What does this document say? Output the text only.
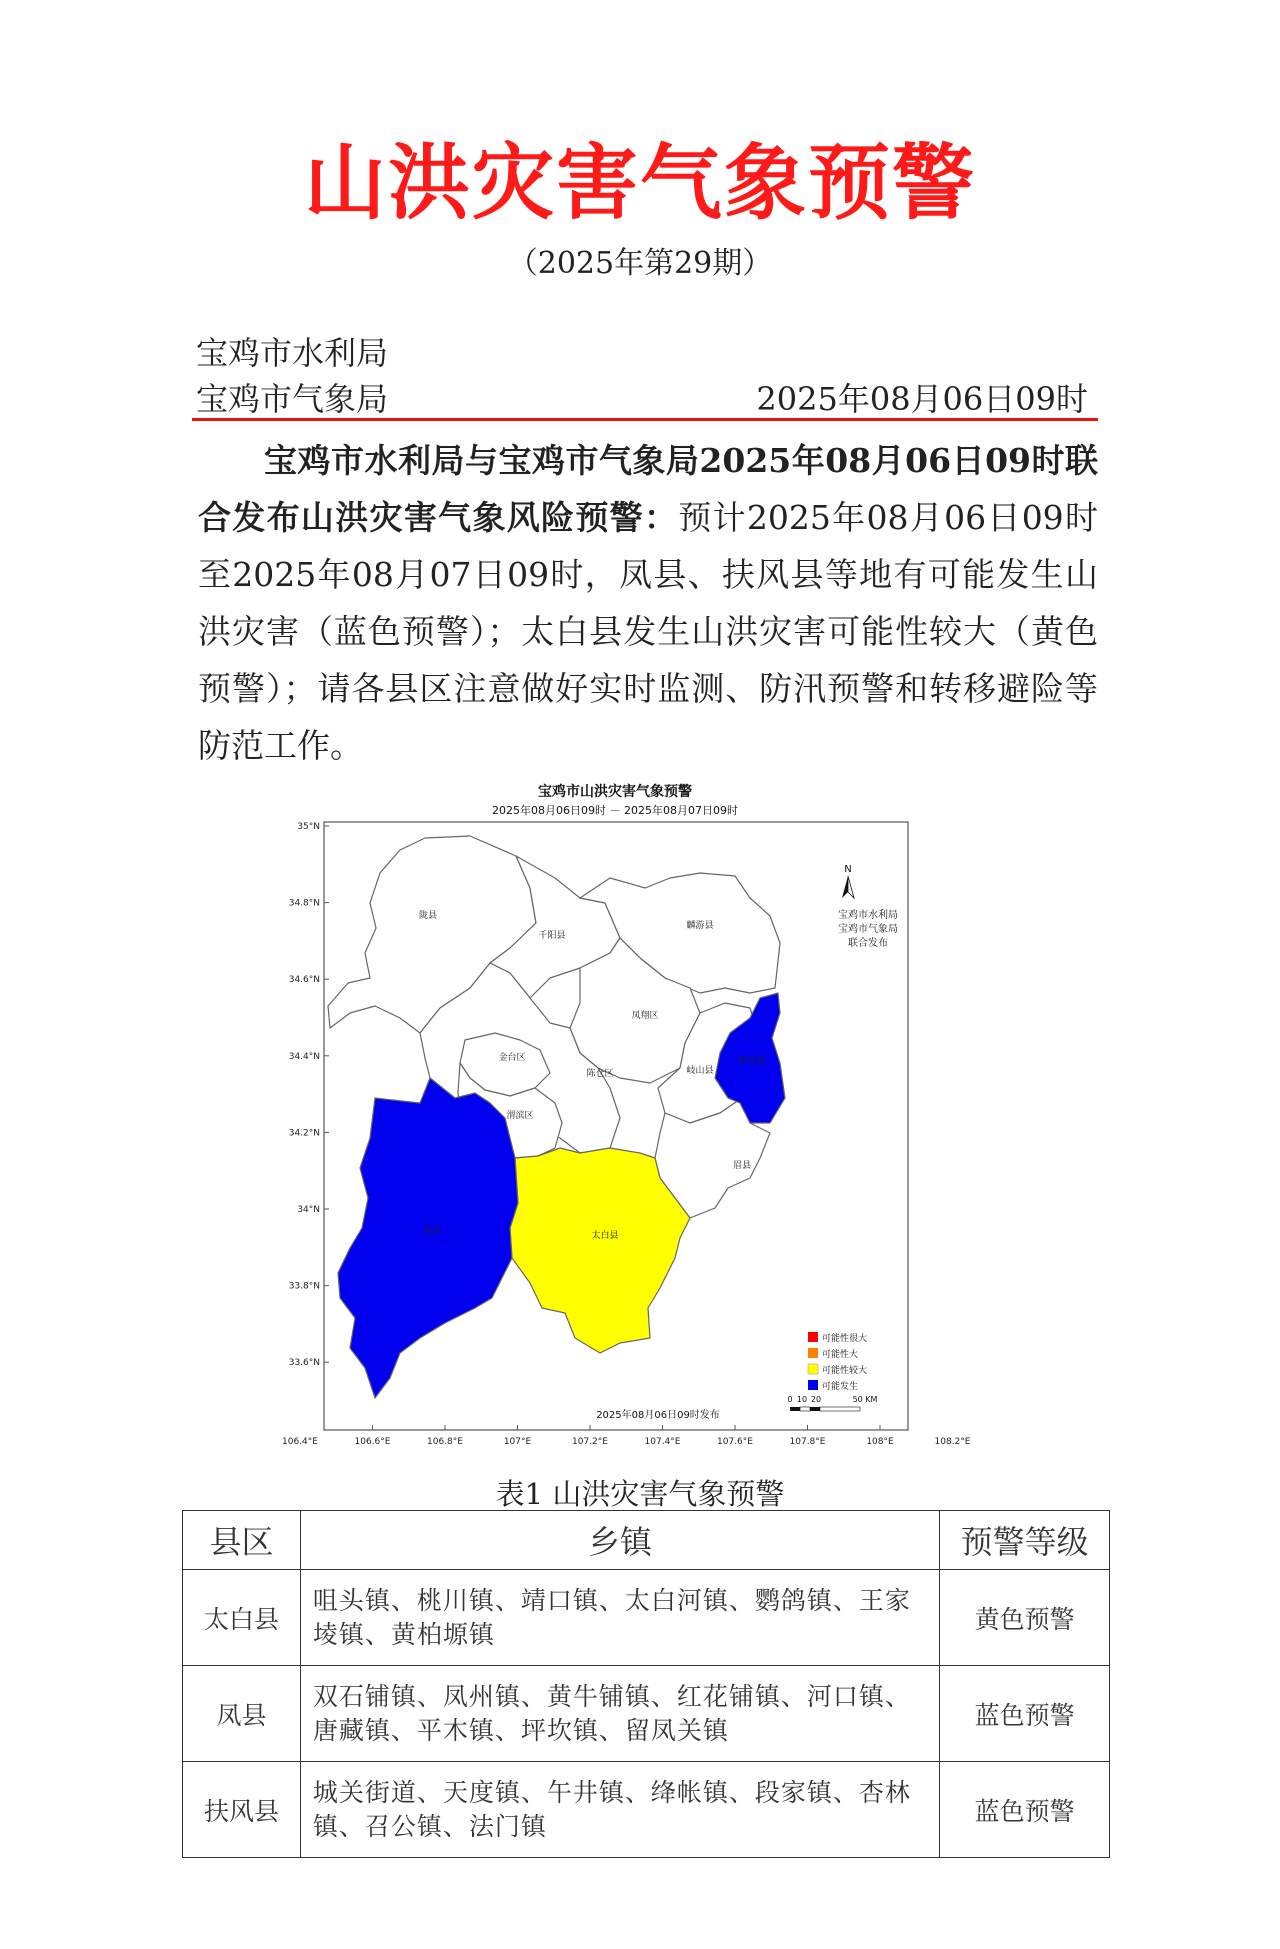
山洪灾害气象预警
（2025年第29期）
宝鸡市水利局
宝鸡市气象局	2025年08月06日09时

宝鸡市水利局与宝鸡市气象局2025年08月06日09时联合发布山洪灾害气象风险预警：预计2025年08月06日09时至2025年08月07日09时，凤县、扶风县等地有可能发生山洪灾害（蓝色预警）；太白县发生山洪灾害可能性较大（黄色预警）；请各县区注意做好实时监测、防汛预警和转移避险等防范工作。

宝鸡市山洪灾害气象预警
2025年08月06日09时 － 2025年08月07日09时
35°N
34.8°N
34.6°N
34.4°N
34.2°N
34°N
33.8°N
33.6°N
106.4°E	106.6°E	106.8°E	107°E	107.2°E	107.4°E	107.6°E	107.8°E	108°E	108.2°E
陇县
千阳县
麟游县
凤翔区
金台区
陈仓区
渭滨区
岐山县
扶风县
眉县
凤县	太白县
N
宝鸡市水利局
宝鸡市气象局
联合发布
可能性很大
可能性大
可能性较大
可能发生
2025年08月06日09时发布
0 10 20	50 KM
表1 山洪灾害气象预警
县区	乡镇	预警等级
太白县	咀头镇、桃川镇、靖口镇、太白河镇、鹦鸽镇、王家堎镇、黄柏塬镇	黄色预警
凤县	双石铺镇、凤州镇、黄牛铺镇、红花铺镇、河口镇、唐藏镇、平木镇、坪坎镇、留凤关镇	蓝色预警
扶风县	城关街道、天度镇、午井镇、绛帐镇、段家镇、杏林镇、召公镇、法门镇	蓝色预警
